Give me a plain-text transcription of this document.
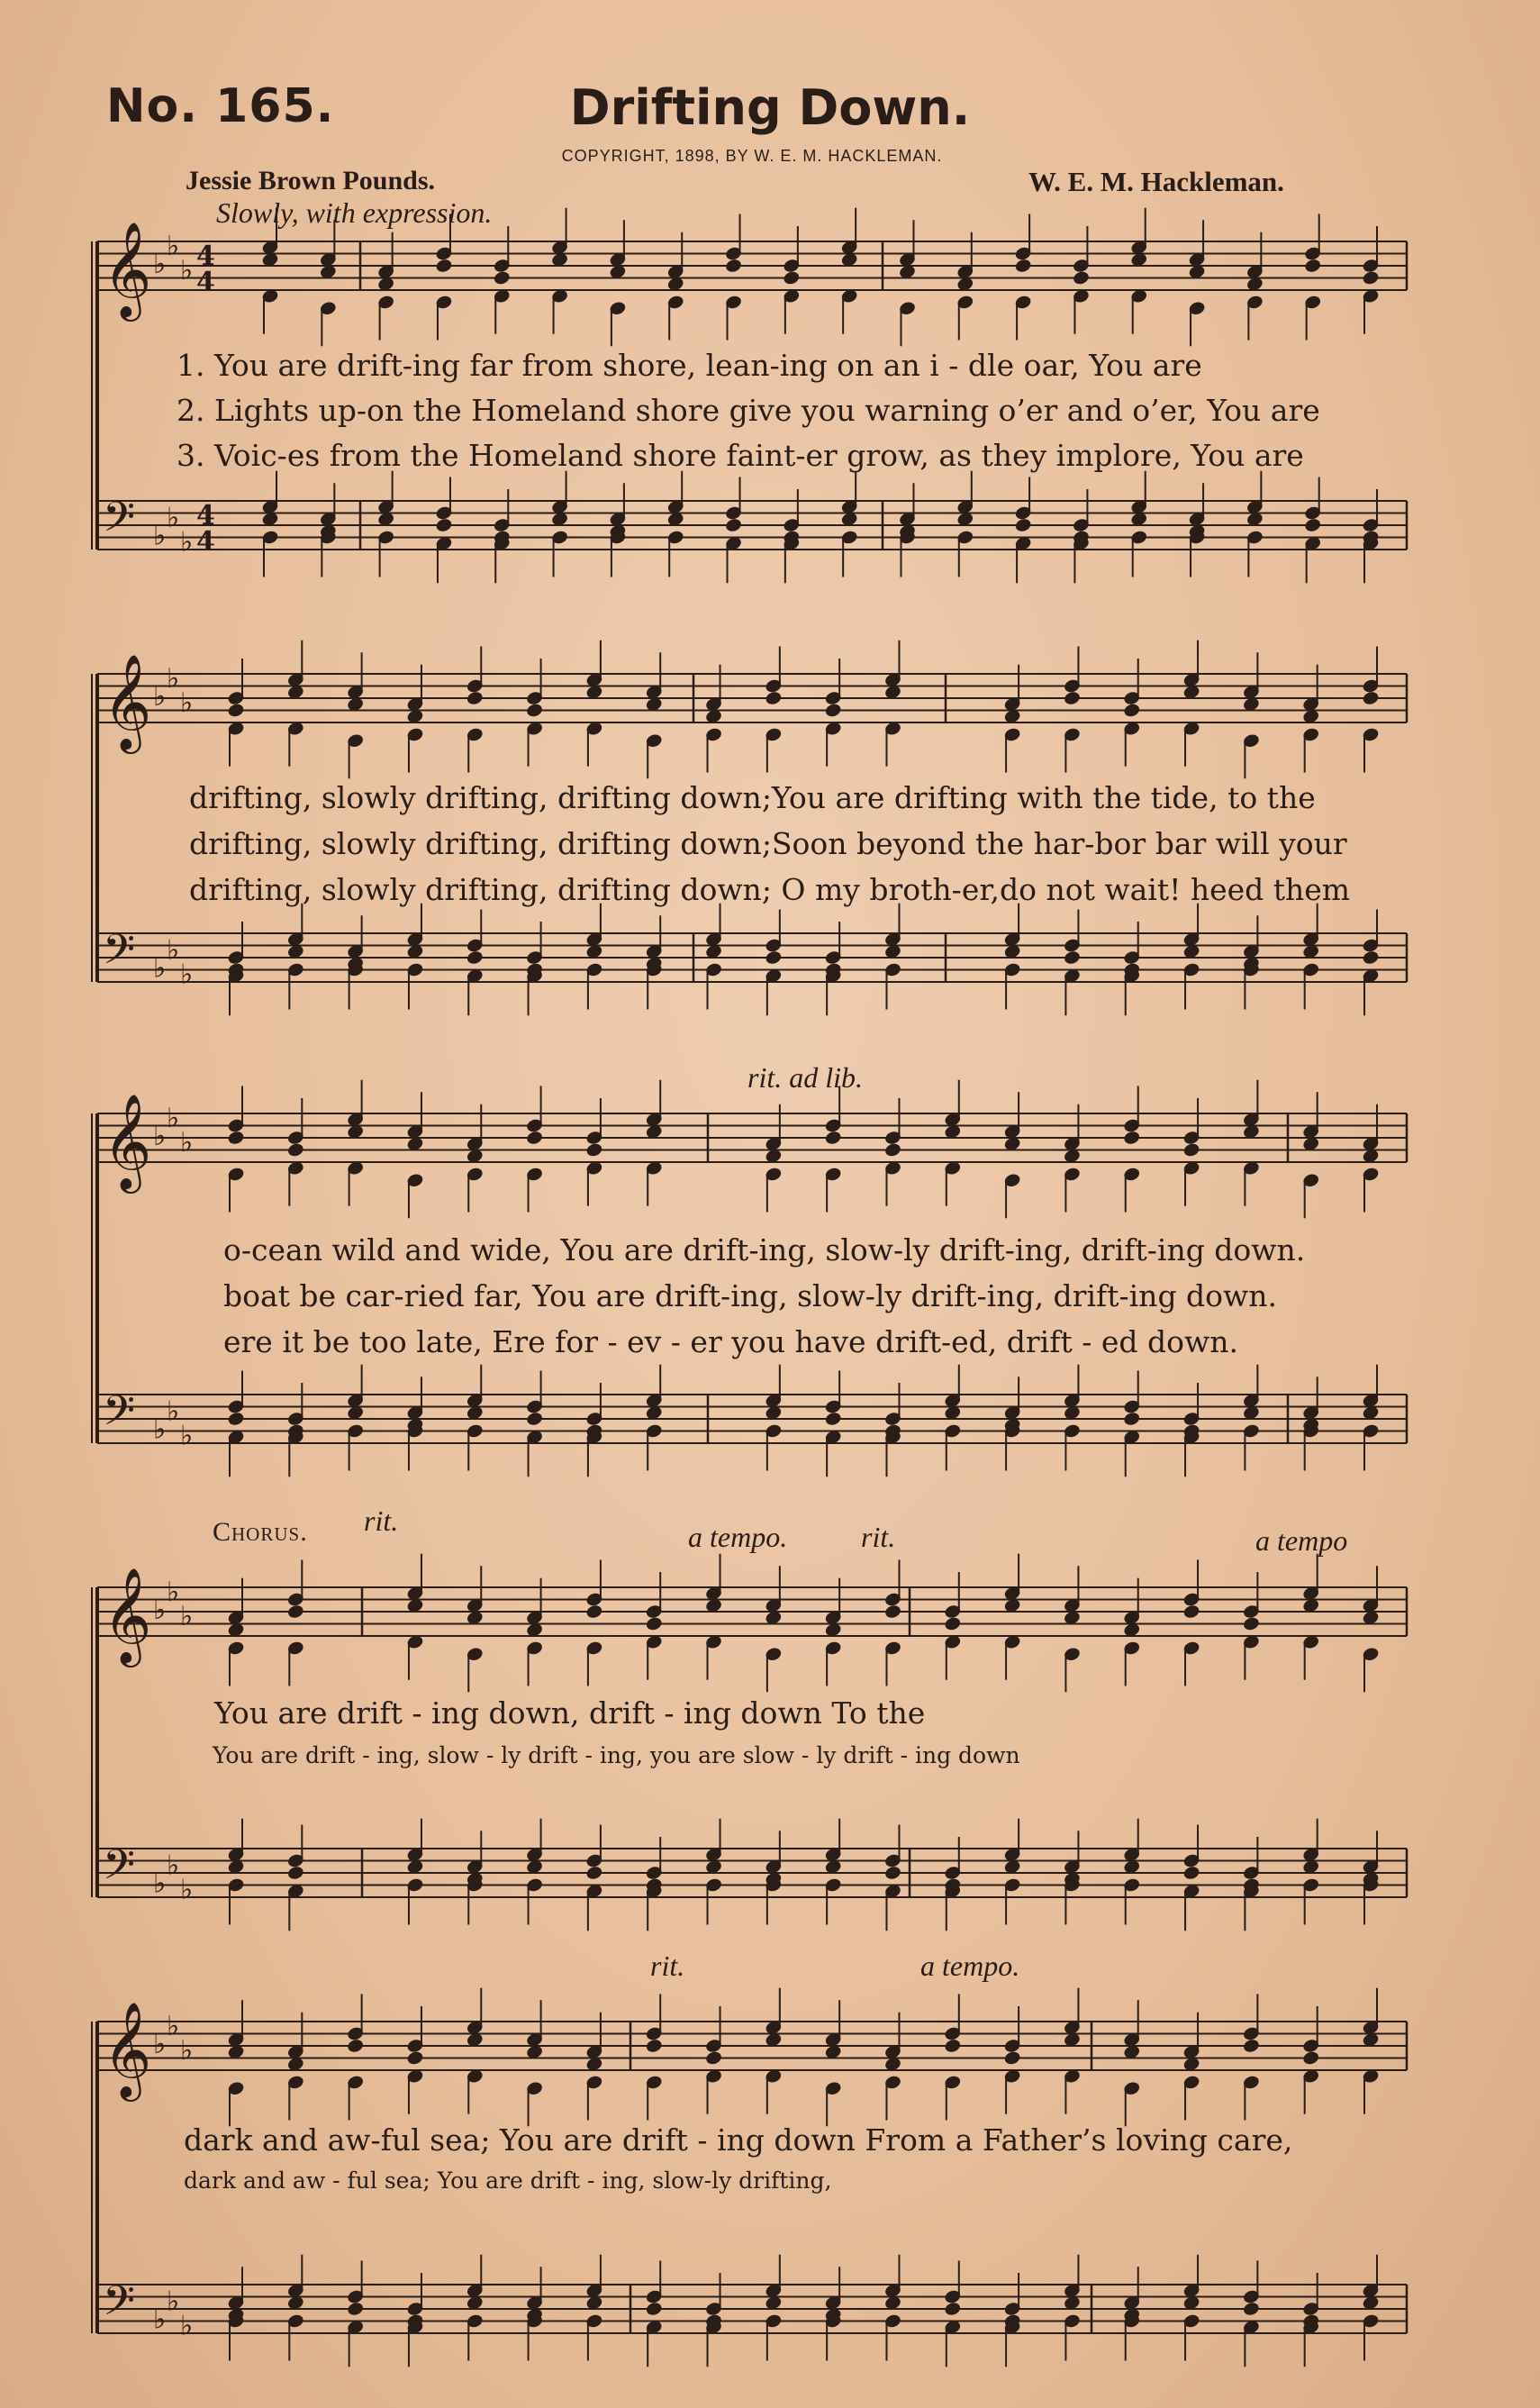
No. 165.	Drifting Down.
COPYRIGHT, 1898, BY W. E. M. HACKLEMAN.
Jessie Brown Pounds.	W. E. M. Hackleman.
Slowly, with expression.
𝄞 ♭
♭
♭ 4
4
𝄢 ♭
♭
♭
4
4
𝄞 ♭
♭
♭
𝄢 ♭
♭
♭
𝄞 ♭
♭
♭
𝄢 ♭
♭
♭
𝄞 ♭
♭
♭
𝄢 ♭
♭
♭
𝄞 ♭
♭
♭
𝄢 ♭
♭
♭
1. You are drift-ing far from shore, lean-ing on an i - dle oar, You are
2. Lights up-on the Homeland shore give you warning o’er and o’er, You are
3. Voic-es from the Homeland shore faint-er grow, as they implore, You are
drifting, slowly drifting, drifting down;You are drifting with the tide, to the
drifting, slowly drifting, drifting down;Soon beyond the har-bor bar will your
drifting, slowly drifting, drifting down; O my broth-er,do not wait! heed them
rit. ad lib.
o-cean wild and wide, You are drift-ing, slow-ly drift-ing, drift-ing down.
boat be car-ried far, You are drift-ing, slow-ly drift-ing, drift-ing down.
ere it be too late, Ere for - ev - er you have drift-ed, drift - ed down.
Chorus. rit.	a tempo.	rit.	a tempo
You are drift - ing down, drift - ing down To the
You are drift - ing, slow - ly drift - ing, you are slow - ly drift - ing down
rit.	a tempo.
dark and aw-ful sea; You are drift - ing down From a Father’s loving care,
dark and aw - ful sea; You are drift - ing, slow-ly drifting,
